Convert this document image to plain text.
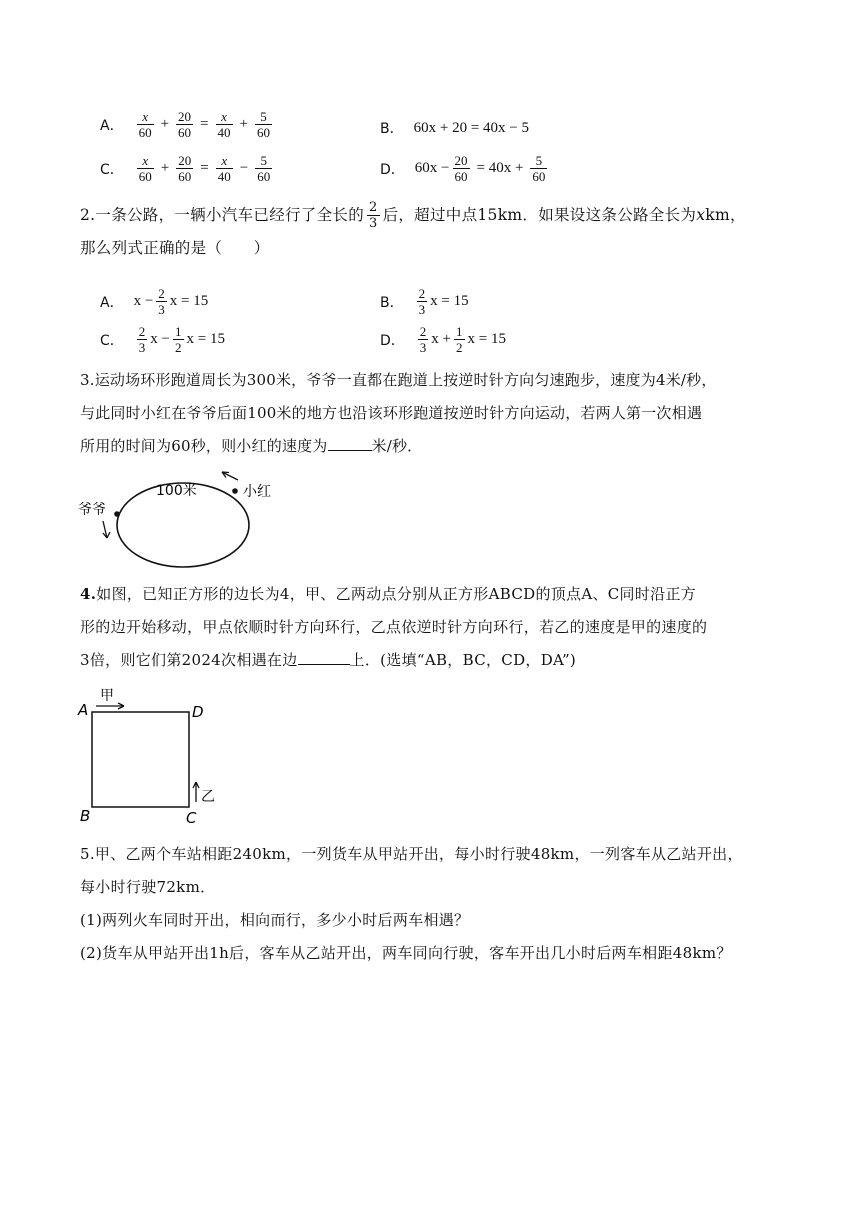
A． $\frac{x}{60} + \frac{20}{60} = \frac{x}{40} + \frac{5}{60}$	B． 60x + 20 = 40x − 5
C． $\frac{x}{60} + \frac{20}{60} = \frac{x}{40} - \frac{5}{60}$	D． $60x - \frac{20}{60} = 40x + \frac{5}{60}$
2.一条公路，一辆小汽车已经行了全长的 $\frac{2}{3}$ 后，超过中点15km．如果设这条公路全长为 x km，
那么列式正确的是（　　）
A． $x - \frac{2}{3}$ x = 15	B． $\frac{2}{3}$ x = 15
C． $\frac{2}{3}$ $x - \frac{1}{2}$ x = 15	D． $\frac{2}{3}$ $x + \frac{1}{2}$ x = 15
3.运动场环形跑道周长为300米，爷爷一直都在跑道上按逆时针方向匀速跑步，速度为4米/秒，
与此同时小红在爷爷后面100米的地方也沿该环形跑道按逆时针方向运动，若两人第一次相遇
所用的时间为60秒，则小红的速度为	米/秒．
爷爷
100米	小红
4.如图，已知正方形的边长为4，甲、乙两动点分别从正方形ABCD的顶点A、C同时沿正方
形的边开始移动，甲点依顺时针方向环行，乙点依逆时针方向环行，若乙的速度是甲的速度的
3倍，则它们第2024次相遇在边	上．(选填“AB，BC，CD，DA”)
A	D
B	C
甲
乙
5.甲、乙两个车站相距240km，一列货车从甲站开出，每小时行驶48km，一列客车从乙站开出，
每小时行驶72km．
(1)两列火车同时开出，相向而行，多少小时后两车相遇？
(2)货车从甲站开出1h后，客车从乙站开出，两车同向行驶，客车开出几小时后两车相距48km？
